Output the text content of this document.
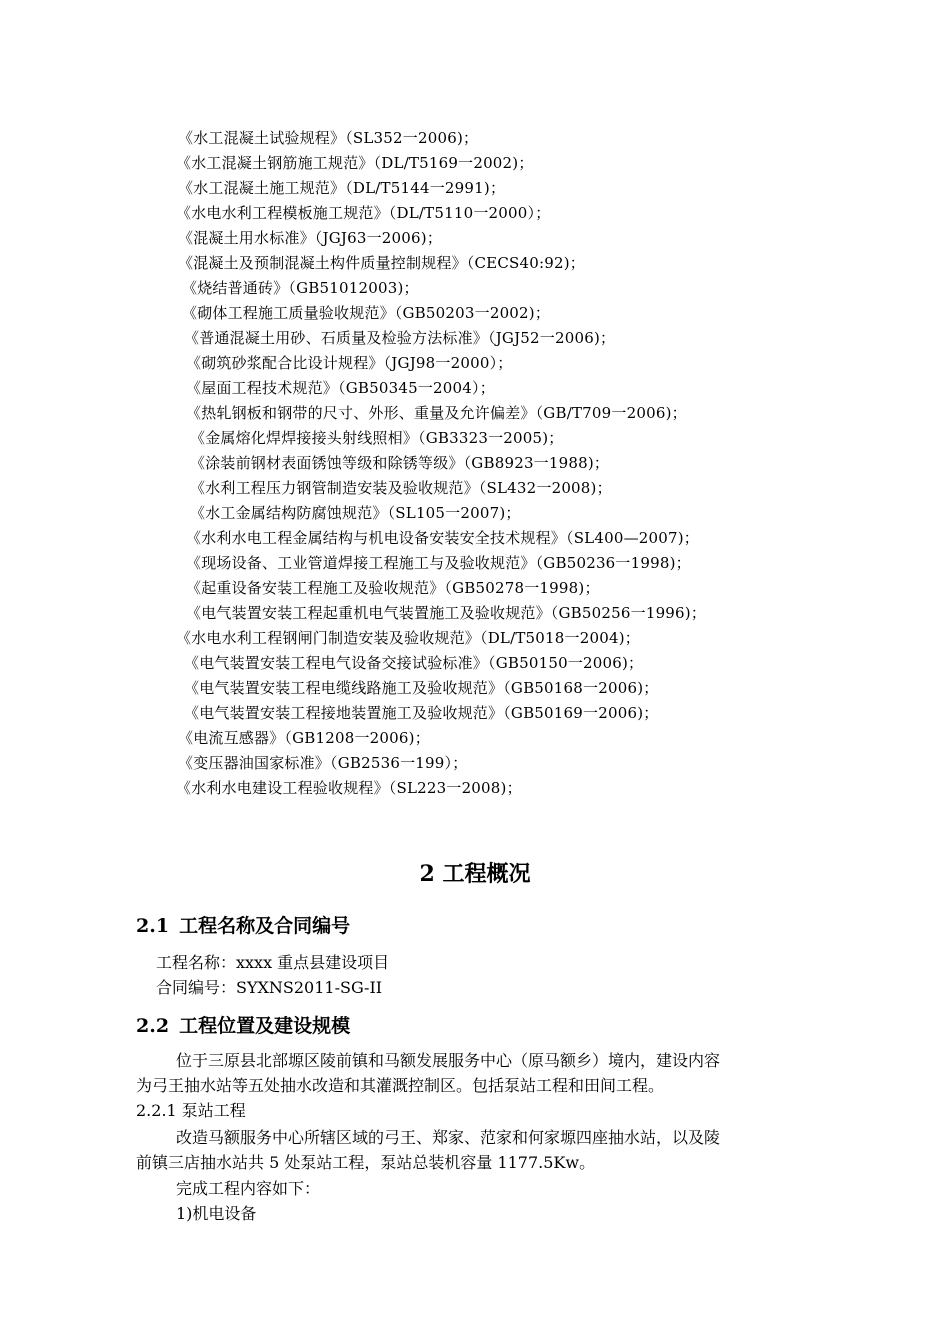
《水工混凝土试验规程》（SL352一2006)；
《水工混凝土钢筋施工规范》（DL/T5169一2002)；
《水工混凝土施工规范》（DL/T5144一2991)；
《水电水利工程模板施工规范》（DL/T5110一2000）；
《混凝土用水标准》（JGJ63一2006)；
《混凝土及预制混凝土构件质量控制规程》（CECS40:92)；
《烧结普通砖》（GB51012003)；
《砌体工程施工质量验收规范》（GB50203一2002)；
《普通混凝土用砂、石质量及检验方法标准》（JGJ52一2006)；
《砌筑砂浆配合比设计规程》（JGJ98一2000）；
《屋面工程技术规范》（GB50345一2004）；
《热轧钢板和钢带的尺寸、外形、重量及允许偏差》（GB/T709一2006)；
《金属熔化焊焊接接头射线照相》（GB3323一2005)；
《涂装前钢材表面锈蚀等级和除锈等级》（GB8923一1988)；
《水利工程压力钢管制造安装及验收规范》（SL432一2008)；
《水工金属结构防腐蚀规范》（SL105一2007)；
《水利水电工程金属结构与机电设备安装安全技术规程》（SL400—2007)；
《现场设备、工业管道焊接工程施工与及验收规范》（GB50236一1998)；
《起重设备安装工程施工及验收规范》（GB50278一1998)；
《电气装置安装工程起重机电气装置施工及验收规范》（GB50256一1996)；
《水电水利工程钢闸门制造安装及验收规范》（DL/T5018一2004)；
《电气装置安装工程电气设备交接试验标准》（GB50150一2006)；
《电气装置安装工程电缆线路施工及验收规范》（GB50168一2006)；
《电气装置安装工程接地装置施工及验收规范》（GB50169一2006)；
《电流互感器》（GB1208一2006)；
《变压器油国家标准》（GB2536一199）；
《水利水电建设工程验收规程》（SL223一2008)；
2 工程概况
2.1 工程名称及合同编号
工程名称：xxxx 重点县建设项目
合同编号：SYXNS2011-SG-II
2.2 工程位置及建设规模
位于三原县北部塬区陵前镇和马额发展服务中心（原马额乡）境内，建设内容
为弓王抽水站等五处抽水改造和其灌溉控制区。包括泵站工程和田间工程。
2.2.1 泵站工程
改造马额服务中心所辖区域的弓王、郑家、范家和何家塬四座抽水站，以及陵
前镇三店抽水站共 5 处泵站工程，泵站总装机容量 1177.5Kw。
完成工程内容如下：
1)机电设备
